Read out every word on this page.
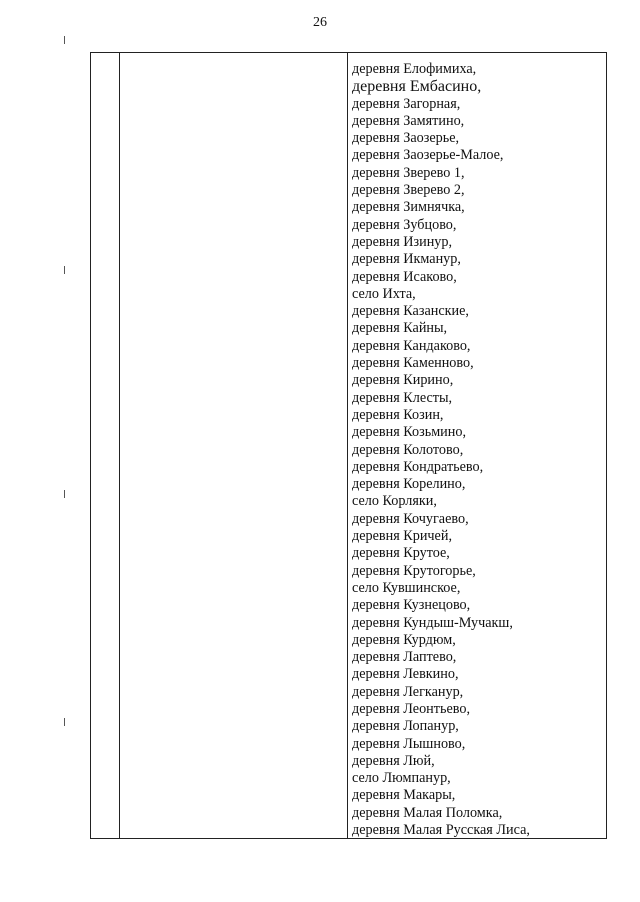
26
деревня Елофимиха,
деревня Ембасино,
деревня Загорная,
деревня Замятино,
деревня Заозерье,
деревня Заозерье-Малое,
деревня Зверево 1,
деревня Зверево 2,
деревня Зимнячка,
деревня Зубцово,
деревня Изинур,
деревня Икманур,
деревня Исаково,
село Ихта,
деревня Казанские,
деревня Кайны,
деревня Кандаково,
деревня Каменново,
деревня Кирино,
деревня Клесты,
деревня Козин,
деревня Козьмино,
деревня Колотово,
деревня Кондратьево,
деревня Корелино,
село Корляки,
деревня Кочугаево,
деревня Кричей,
деревня Крутое,
деревня Крутогорье,
село Кувшинское,
деревня Кузнецово,
деревня Кундыш-Мучакш,
деревня Курдюм,
деревня Лаптево,
деревня Левкино,
деревня Легканур,
деревня Леонтьево,
деревня Лопанур,
деревня Лышново,
деревня Люй,
село Люмпанур,
деревня Макары,
деревня Малая Поломка,
деревня Малая Русская Лиса,
